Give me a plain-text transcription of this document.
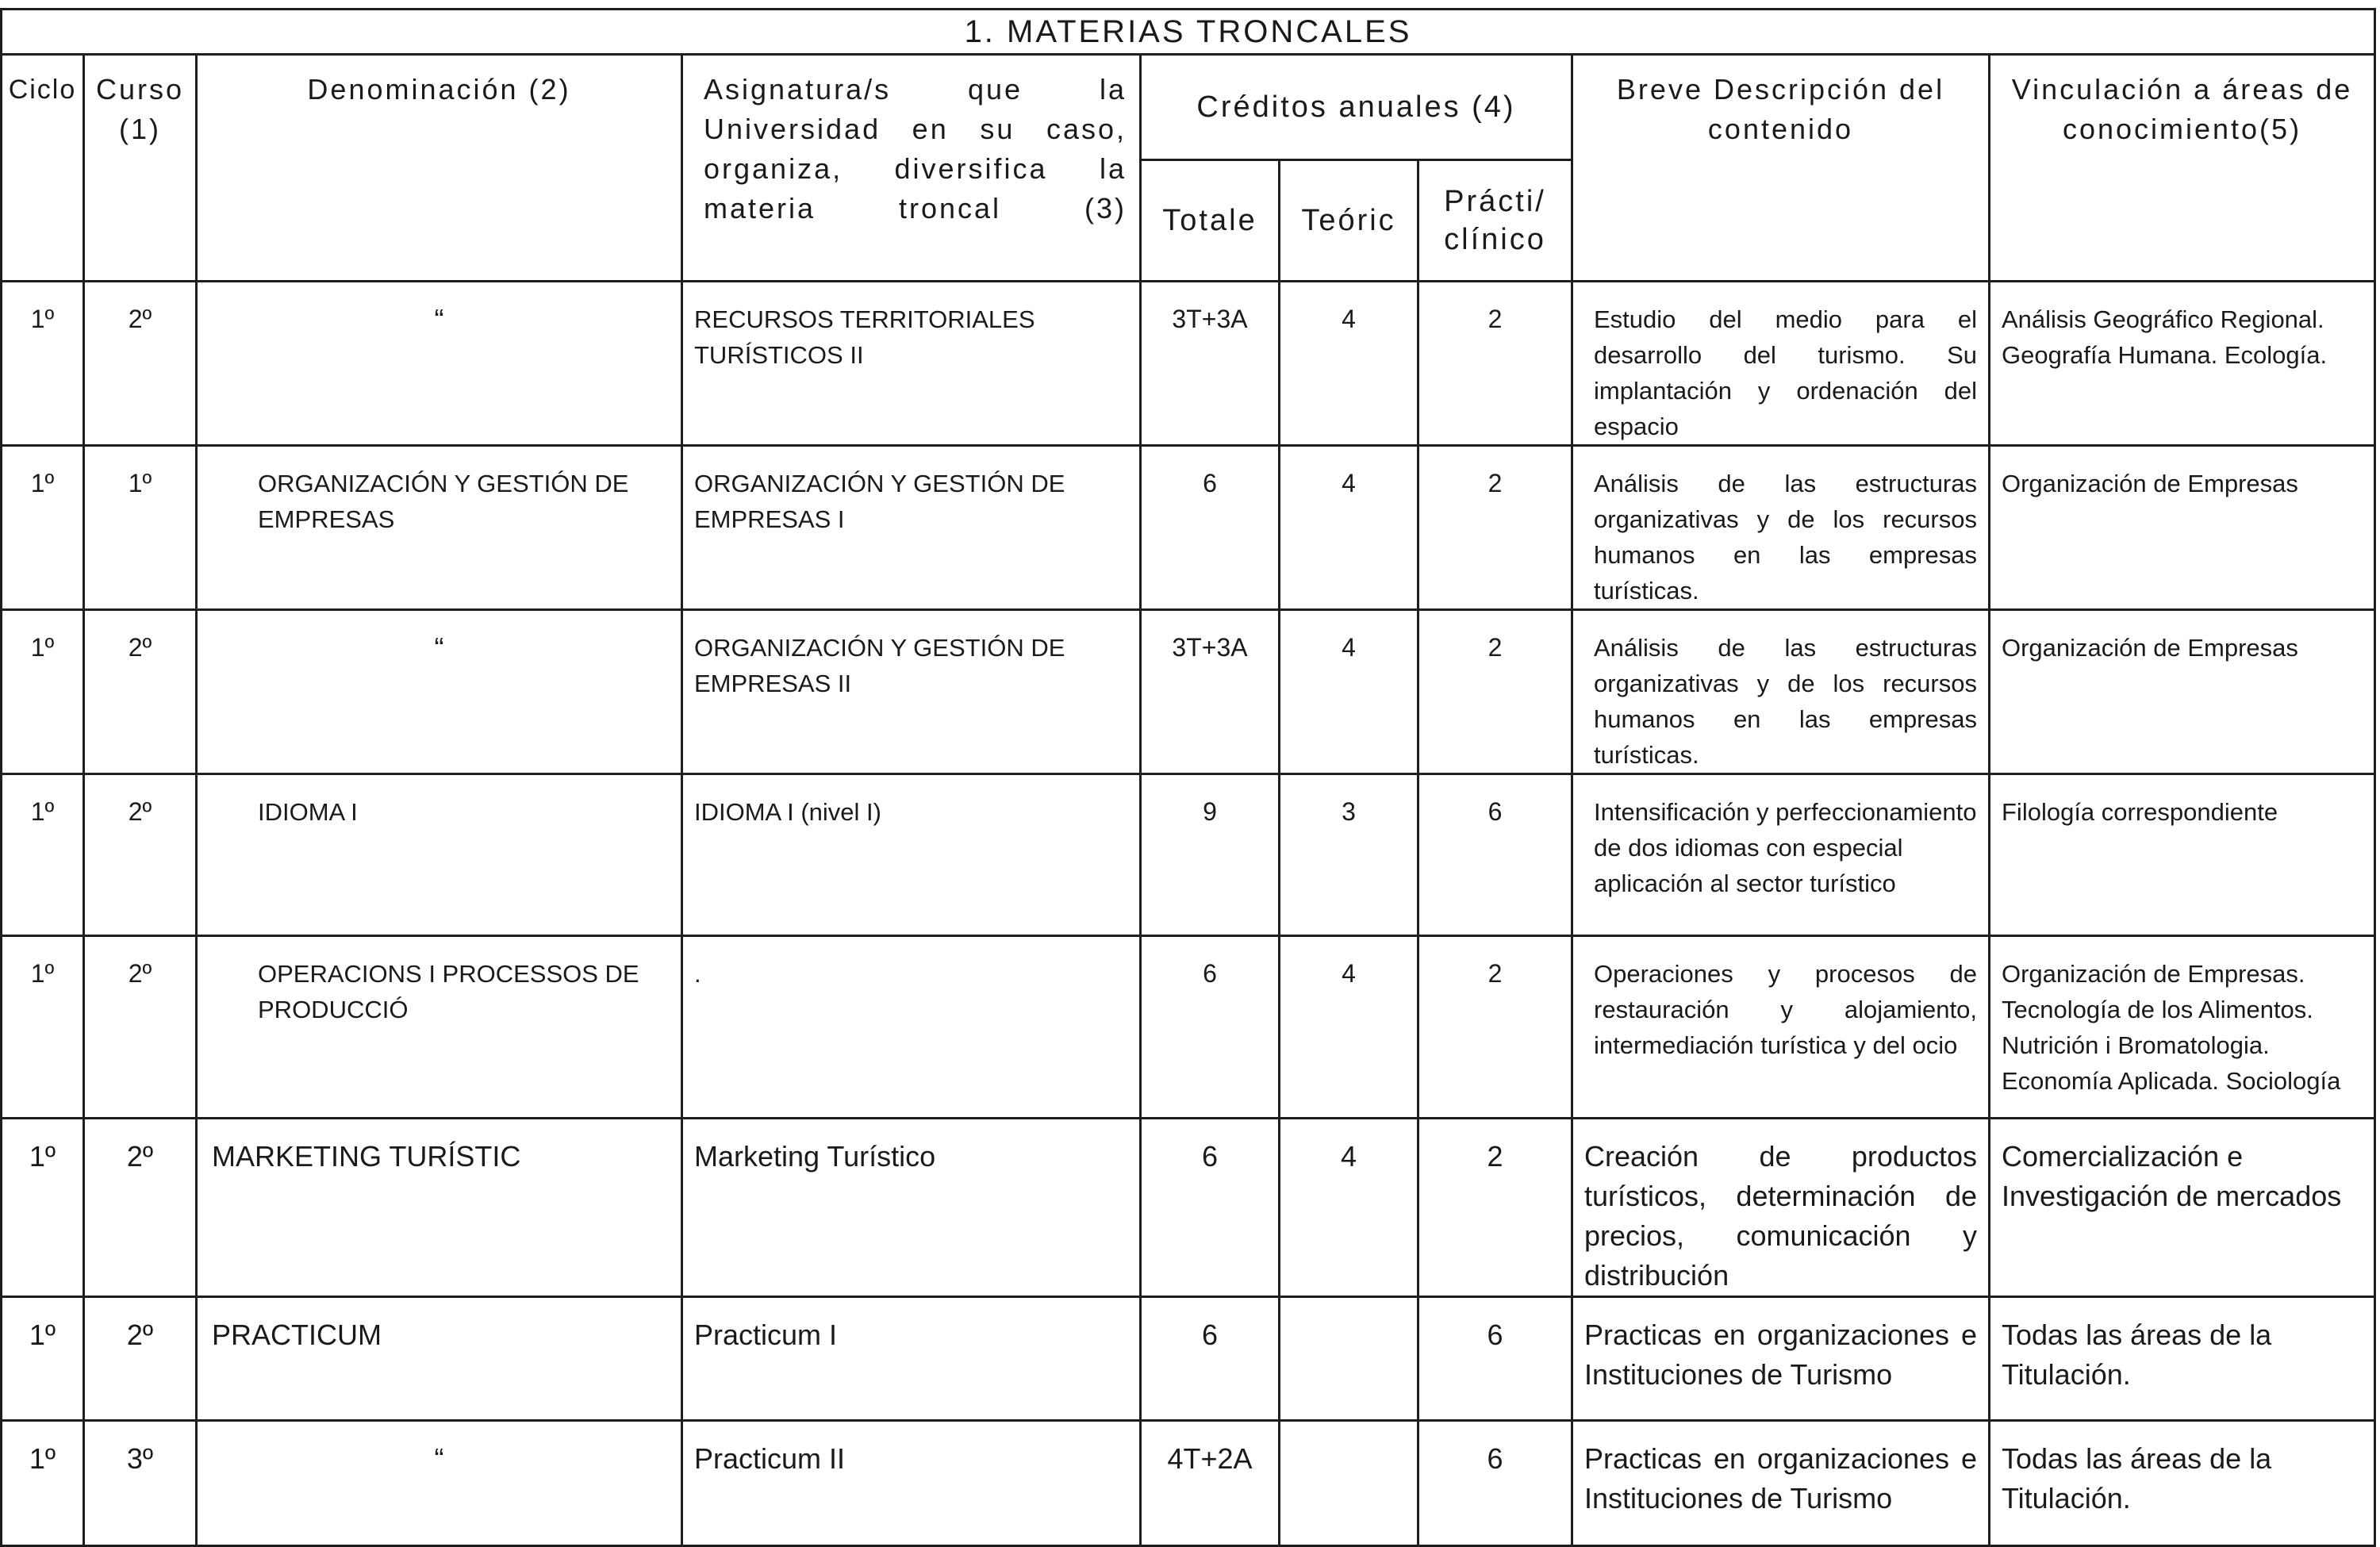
1. MATERIAS TRONCALES								
Ciclo	Curso (1)	Denominación (2)	Asignatura/s que la Universidad en su caso, organiza, diversifica la materia troncal (3)	Créditos anuales (4)			Breve Descripción del contenido	Vinculación a áreas de conocimiento(5)
				Totale	Teóric	Prácti/ clínico		
1º	2º	“	RECURSOS TERRITORIALES TURÍSTICOS II	3T+3A	4	2	Estudio del medio para el desarrollo del turismo. Su implantación y ordenación del espacio	Análisis Geográfico Regional. Geografía Humana. Ecología.
1º	1º	ORGANIZACIÓN Y GESTIÓN DE EMPRESAS	ORGANIZACIÓN Y GESTIÓN DE EMPRESAS I	6	4	2	Análisis de las estructuras organizativas y de los recursos humanos en las empresas turísticas.	Organización de Empresas
1º	2º	“	ORGANIZACIÓN Y GESTIÓN DE EMPRESAS II	3T+3A	4	2	Análisis de las estructuras organizativas y de los recursos humanos en las empresas turísticas.	Organización de Empresas
1º	2º	IDIOMA I	IDIOMA I (nivel I)	9	3	6	Intensificación y perfeccionamiento de dos idiomas con especial aplicación al sector turístico	Filología correspondiente
1º	2º	OPERACIONS I PROCESSOS DE PRODUCCIÓ	.	6	4	2	Operaciones y procesos de restauración y alojamiento, intermediación turística y del ocio	Organización de Empresas. Tecnología de los Alimentos. Nutrición i Bromatologia. Economía Aplicada. Sociología
1º	2º	MARKETING TURÍSTIC	Marketing Turístico	6	4	2	Creación de productos turísticos, determinación de precios, comunicación y distribución	Comercialización e Investigación de mercados
1º	2º	PRACTICUM	Practicum I	6		6	Practicas en organizaciones e Instituciones de Turismo	Todas las áreas de la Titulación.
1º	3º	“	Practicum II	4T+2A		6	Practicas en organizaciones e Instituciones de Turismo	Todas las áreas de la Titulación.
